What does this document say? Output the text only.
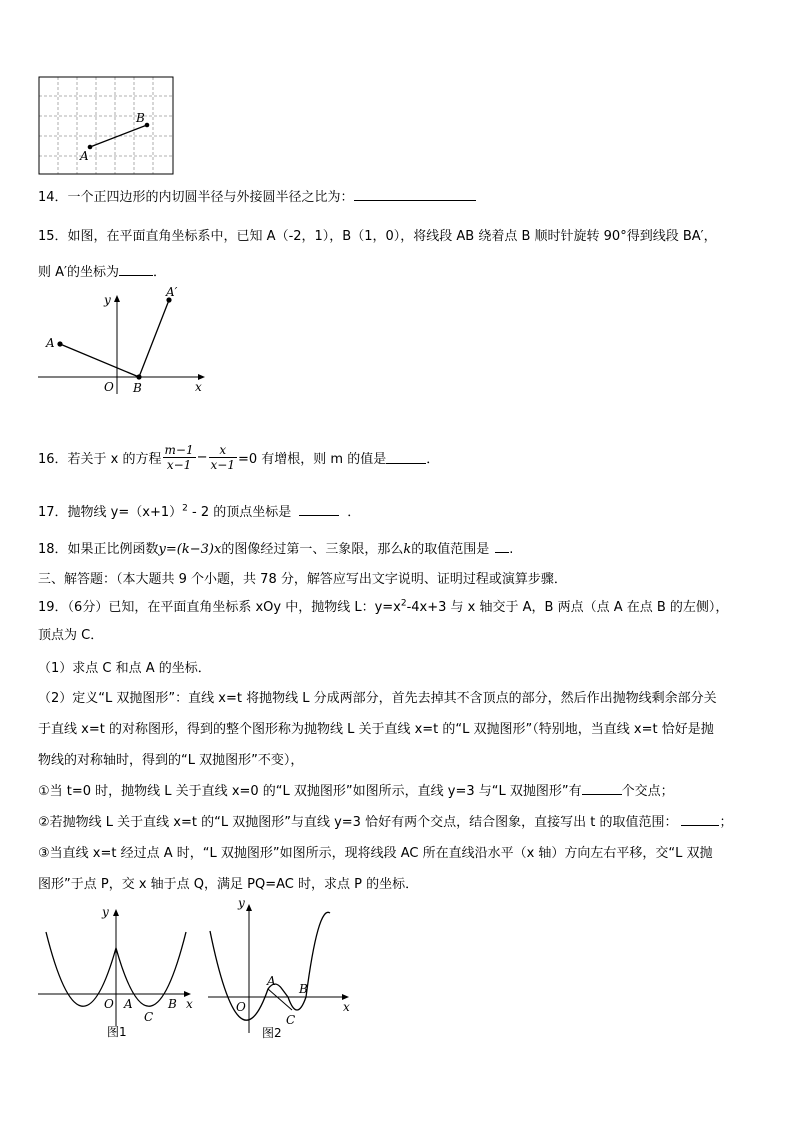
A
B
14．一个正四边形的内切圆半径与外接圆半径之比为：
15．如图，在平面直角坐标系中，已知 A（-2，1），B（1，0），将线段 AB 绕着点 B 顺时针旋转 90°得到线段 BA′，
则 A′的坐标为	．
y
x
O
A
B
A′
16．若关于 x 的方程 $\frac{m-1}{x-1} - \frac{x}{x-1} =0$ 有增根，则 m 的值是	．
17．抛物线 $y=(x+1)^2 - 2$ 的顶点坐标是	．
18．如果正比例函数y=(k−3)x的图像经过第一、三象限，那么k的取值范围是 .
三、解答题：（本大题共 9 个小题，共 78 分，解答应写出文字说明、证明过程或演算步骤．
19．（6分）已知，在平面直角坐标系 xOy 中，抛物线 L：$y=x^2-4x+3$ 与 x 轴交于 A，B 两点（点 A 在点 B 的左侧），
顶点为 C．
（1）求点 C 和点 A 的坐标．
（2）定义“L 双抛图形”：直线 x=t 将抛物线 L 分成两部分，首先去掉其不含顶点的部分，然后作出抛物线剩余部分关
于直线 x=t 的对称图形，得到的整个图形称为抛物线 L 关于直线 x=t 的“L 双抛图形”（特别地，当直线 x=t 恰好是抛
物线的对称轴时，得到的“L 双抛图形”不变），
①当 t=0 时，抛物线 L 关于直线 x=0 的“L 双抛图形”如图所示，直线 y=3 与“L 双抛图形”有	个交点；
②若抛物线 L 关于直线 x=t 的“L 双抛图形”与直线 y=3 恰好有两个交点，结合图象，直接写出 t 的取值范围：	；
③当直线 x=t 经过点 A 时，“L 双抛图形”如图所示，现将线段 AC 所在直线沿水平（x 轴）方向左右平移，交“L 双抛
图形”于点 P，交 x 轴于点 Q，满足 PQ=AC 时，求点 P 的坐标．
y
x
O A	B
C
图1
y
x
O
A
B
C
图2
